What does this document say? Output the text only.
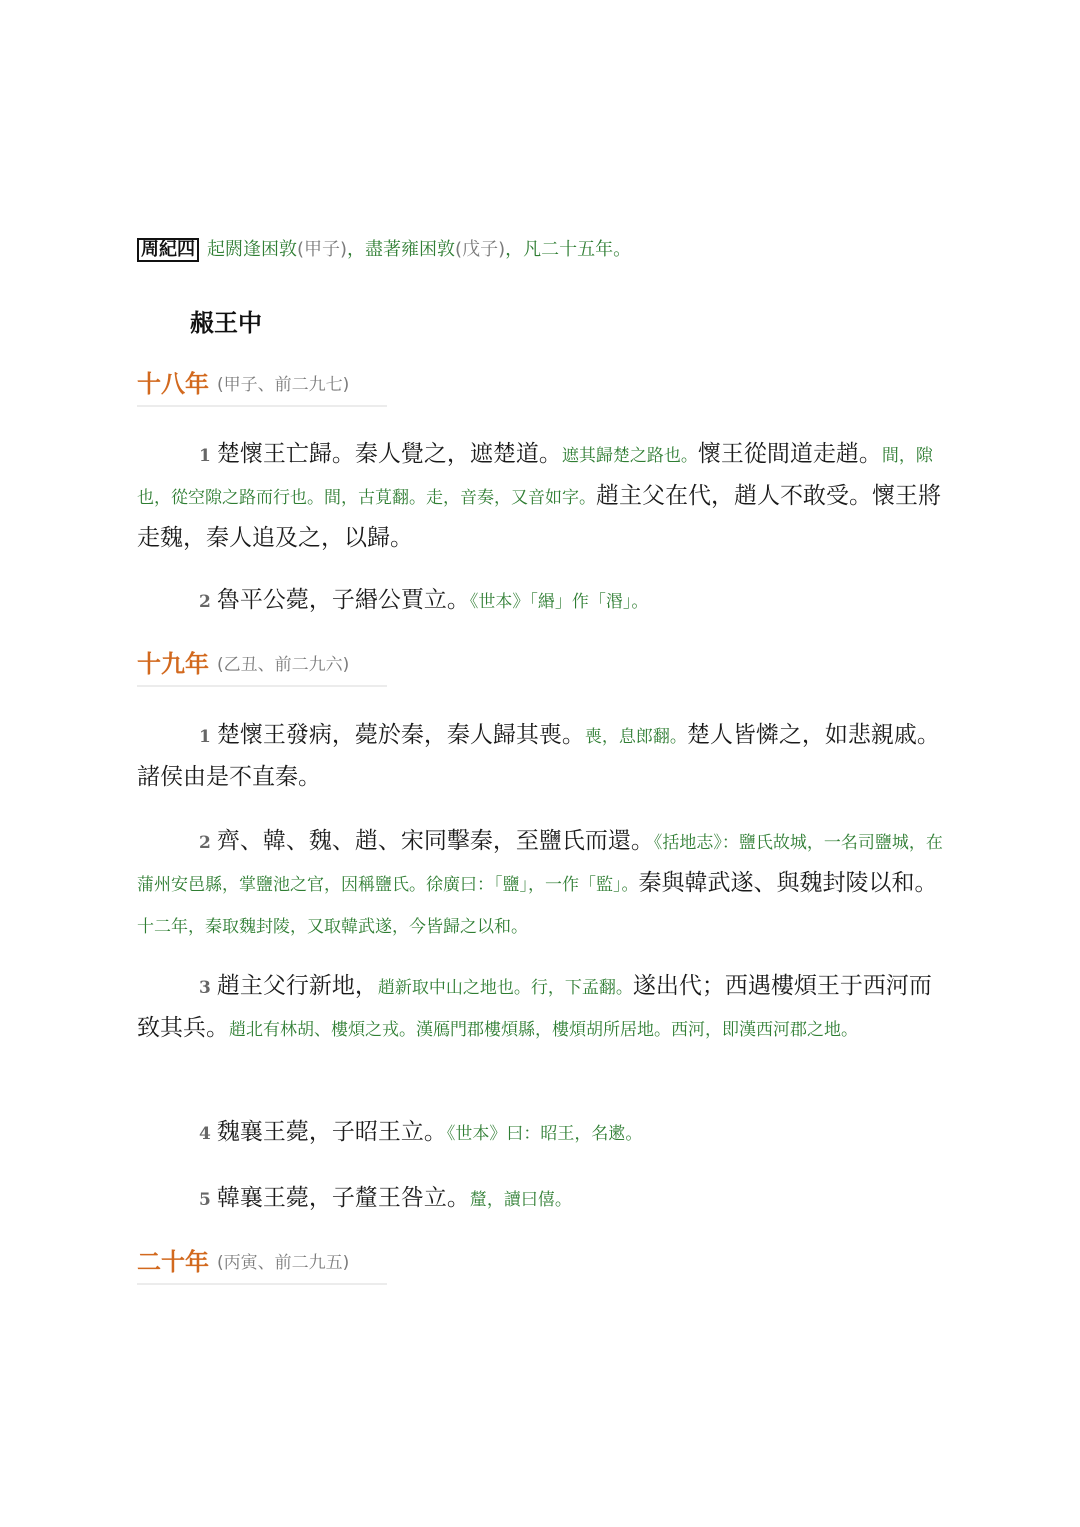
周紀四 起閼逢困敦(甲子)，盡著雍困敦(戊子)，凡二十五年。
赧王中
十八年 (甲子、前二九七)
1 楚懷王亡歸。秦人覺之，遮楚道。遮其歸楚之路也。懷王從間道走趙。間，隙也，從空隙之路而行也。間，古莧翻。走，音奏，又音如字。趙主父在代，趙人不敢受。懷王將走魏，秦人追及之，以歸。
2 魯平公薨，子緡公賈立。《世本》「緡」作「湣」。
十九年 (乙丑、前二九六)
1 楚懷王發病，薨於秦，秦人歸其喪。喪，息郎翻。楚人皆憐之，如悲親戚。諸侯由是不直秦。
2 齊、韓、魏、趙、宋同擊秦，至鹽氏而還。《括地志》：鹽氏故城，一名司鹽城，在蒲州安邑縣，掌鹽池之官，因稱鹽氏。徐廣曰：「鹽」，一作「監」。秦與韓武遂、與魏封陵以和。十二年，秦取魏封陵，又取韓武遂，今皆歸之以和。
3 趙主父行新地，趙新取中山之地也。行，下孟翻。遂出代；西遇樓煩王于西河而致其兵。趙北有林胡、樓煩之戎。漢鴈門郡樓煩縣，樓煩胡所居地。西河，即漢西河郡之地。
4 魏襄王薨，子昭王立。《世本》曰：昭王，名遬。
5 韓襄王薨，子釐王咎立。釐，讀曰僖。
二十年 (丙寅、前二九五)
